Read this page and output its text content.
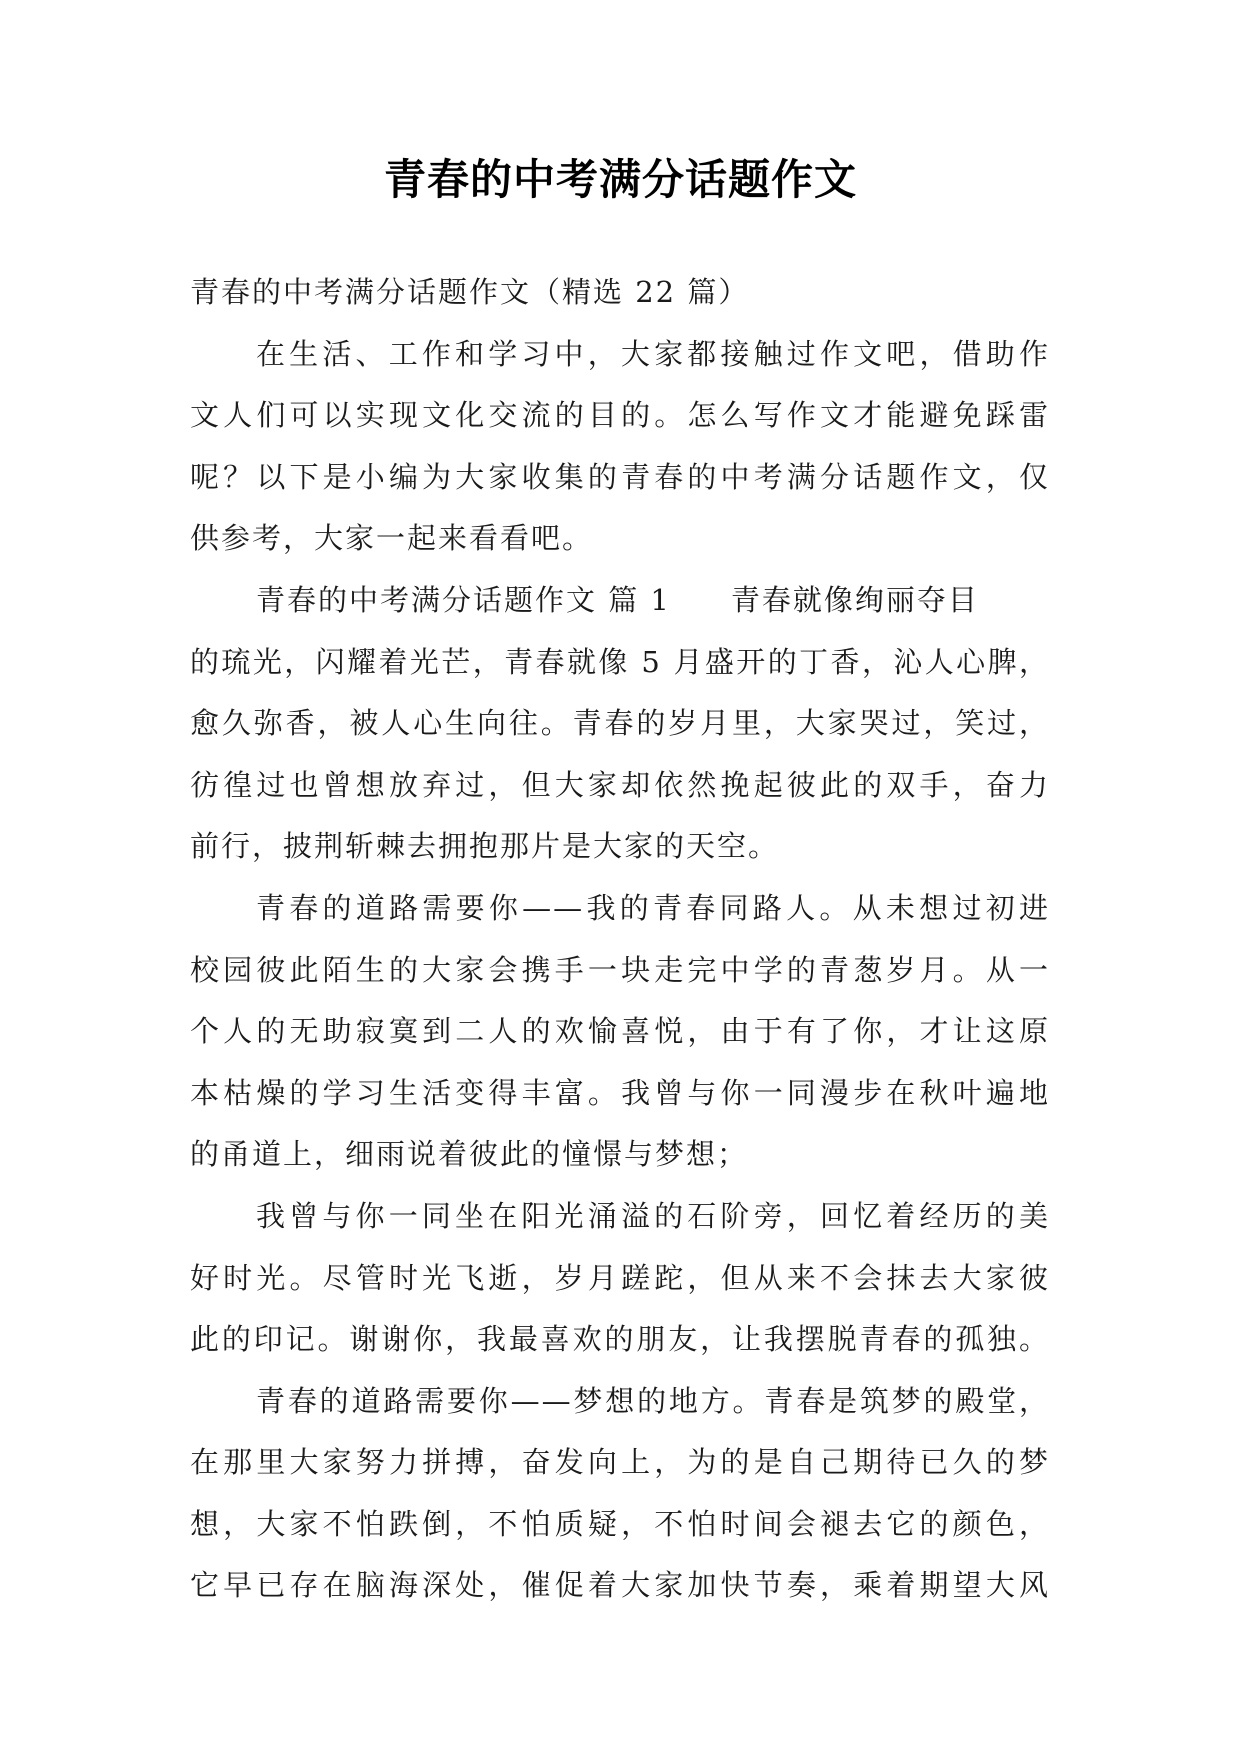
青春的中考满分话题作文
青春的中考满分话题作文（精选 22 篇）
在生活、工作和学习中，大家都接触过作文吧，借助作
文人们可以实现文化交流的目的。怎么写作文才能避免踩雷
呢？以下是小编为大家收集的青春的中考满分话题作文，仅
供参考，大家一起来看看吧。
青春的中考满分话题作文 篇 1 青春就像绚丽夺目
的琉光，闪耀着光芒，青春就像 5 月盛开的丁香，沁人心脾，
愈久弥香，被人心生向往。青春的岁月里，大家哭过，笑过，
彷徨过也曾想放弃过，但大家却依然挽起彼此的双手，奋力
前行，披荆斩棘去拥抱那片是大家的天空。
青春的道路需要你——我的青春同路人。从未想过初进
校园彼此陌生的大家会携手一块走完中学的青葱岁月。从一
个人的无助寂寞到二人的欢愉喜悦，由于有了你，才让这原
本枯燥的学习生活变得丰富。我曾与你一同漫步在秋叶遍地
的甬道上，细雨说着彼此的憧憬与梦想；
我曾与你一同坐在阳光涌溢的石阶旁，回忆着经历的美
好时光。尽管时光飞逝，岁月蹉跎，但从来不会抹去大家彼
此的印记。谢谢你，我最喜欢的朋友，让我摆脱青春的孤独。
青春的道路需要你——梦想的地方。青春是筑梦的殿堂，
在那里大家努力拼搏，奋发向上，为的是自己期待已久的梦
想，大家不怕跌倒，不怕质疑，不怕时间会褪去它的颜色，
它早已存在脑海深处，催促着大家加快节奏，乘着期望大风
